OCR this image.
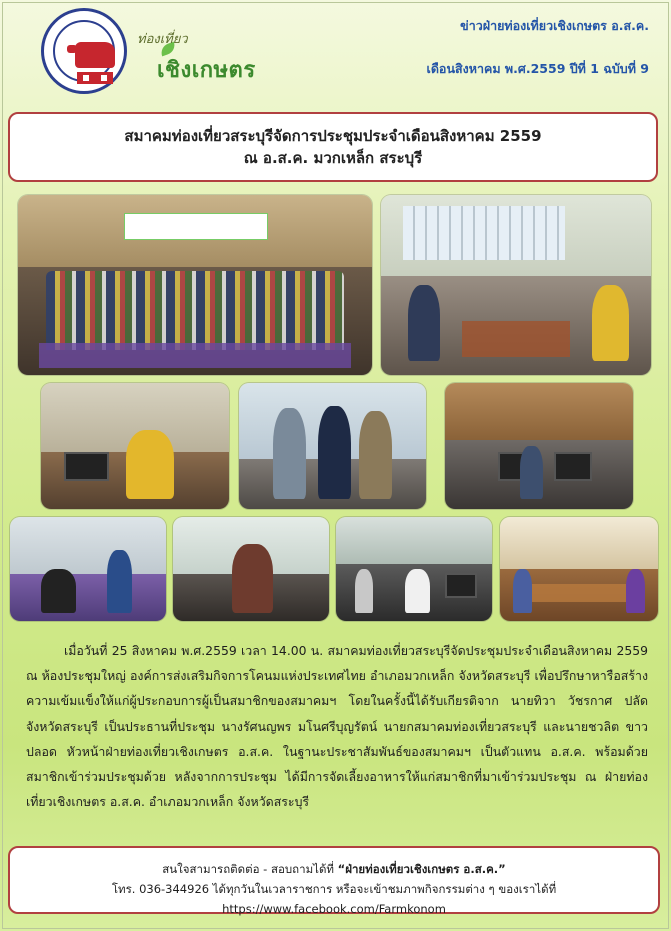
ท่องเที่ยว
เชิงเกษตร
ข่าวฝ่ายท่องเที่ยวเชิงเกษตร อ.ส.ค.
เดือนสิงหาคม พ.ศ.2559 ปีที่ 1 ฉบับที่ 9
สมาคมท่องเที่ยวสระบุรีจัดการประชุมประจำเดือนสิงหาคม 2559
ณ อ.ส.ค. มวกเหล็ก สระบุรี
เมื่อวันที่ 25 สิงหาคม พ.ศ.2559 เวลา 14.00 น. สมาคมท่องเที่ยวสระบุรีจัดประชุมประจำเดือนสิงหาคม 2559 ณ ห้องประชุมใหญ่ องค์การส่งเสริมกิจการโคนมแห่งประเทศไทย อำเภอมวกเหล็ก จังหวัดสระบุรี เพื่อปรึกษาหารือสร้างความเข้มแข็งให้แก่ผู้ประกอบการผู้เป็นสมาชิกของสมาคมฯ โดยในครั้งนี้ได้รับเกียรติจาก นายทิวา วัชรกาศ ปลัดจังหวัดสระบุรี เป็นประธานที่ประชุม นางรัศนญพร มโนศรีบุญรัตน์ นายกสมาคมท่องเที่ยวสระบุรี และนายชวลิต ขาวปลอด หัวหน้าฝ่ายท่องเที่ยวเชิงเกษตร อ.ส.ค. ในฐานะประชาสัมพันธ์ของสมาคมฯ เป็นตัวแทน อ.ส.ค. พร้อมด้วยสมาชิกเข้าร่วมประชุมด้วย หลังจากการประชุม ได้มีการจัดเลี้ยงอาหารให้แก่สมาชิกที่มาเข้าร่วมประชุม ณ ฝ่ายท่องเที่ยวเชิงเกษตร อ.ส.ค. อำเภอมวกเหล็ก จังหวัดสระบุรี
สนใจสามารถติดต่อ - สอบถามได้ที่ “ฝ่ายท่องเที่ยวเชิงเกษตร อ.ส.ค.”
โทร. 036-344926 ได้ทุกวันในเวลาราชการ หรือจะเข้าชมภาพกิจกรรมต่าง ๆ ของเราได้ที่ https://www.facebook.com/Farmkonom
